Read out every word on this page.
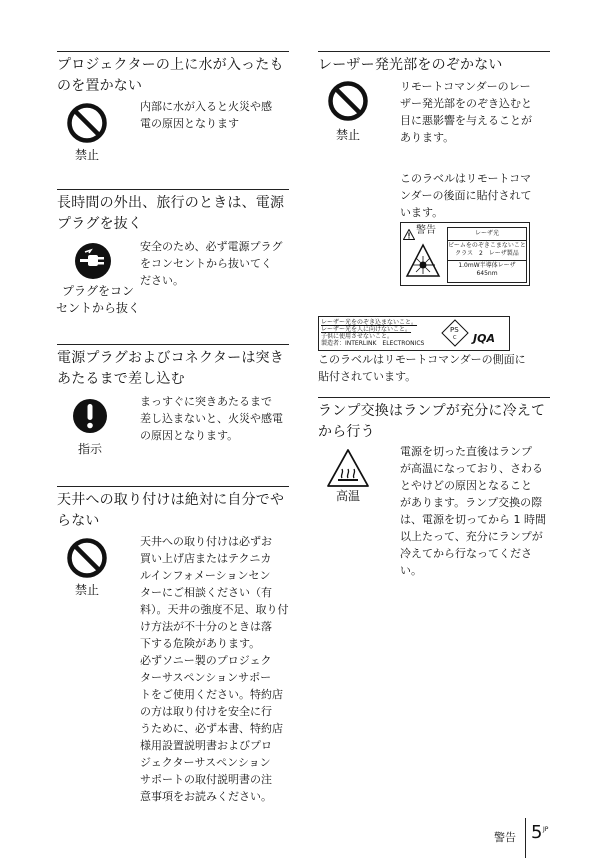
プロジェクターの上に水が入ったものを置かない
禁止
内部に水が入ると火災や感
電の原因となります
長時間の外出、旅行のときは、電源プラグを抜く
プラグをコン
セントから抜く
安全のため、必ず電源プラグ
をコンセントから抜いてく
ださい。
電源プラグおよびコネクターは突きあたるまで差し込む
指示
まっすぐに突きあたるまで
差し込まないと、火災や感電
の原因となります。
天井への取り付けは絶対に自分でやらない
禁止
天井への取り付けは必ずお
買い上げ店またはテクニカ
ルインフォメーションセン
ターにご相談ください（有
料）。天井の強度不足、取り付
け方法が不十分のときは落
下する危険があります。
必ずソニー製のプロジェク
ターサスペンションサポー
トをご使用ください。特約店
の方は取り付けを安全に行
うために、必ず本書、特約店
様用設置説明書およびプロ
ジェクターサスペンション
サポートの取付説明書の注
意事項をお読みください。
レーザー発光部をのぞかない
禁止
リモートコマンダーのレー
ザー発光部をのぞき込むと
目に悪影響を与えることが
あります。
このラベルはリモートコマ
ンダーの後面に貼付されて
います。
警告	レーザ光
ビームをのぞきこまないこと
クラス　2　レーザ製品
1.0mW半導体レーザ
645nm
レーザー光をのぞき込まないこと。
レーザー光を人に向けないこと。
子供に使用させないこと。
製造者：INTERLINK　ELECTRONICS
PS
C JQA
このラベルはリモートコマンダーの側面に
貼付されています。
ランプ交換はランプが充分に冷えてから行う
高温
電源を切った直後はランプ
が高温になっており、さわる
とやけどの原因となること
があります。ランプ交換の際
は、電源を切ってから 1 時間
以上たって、充分にランプが
冷えてから行なってくださ
い。
警告 5 JP
